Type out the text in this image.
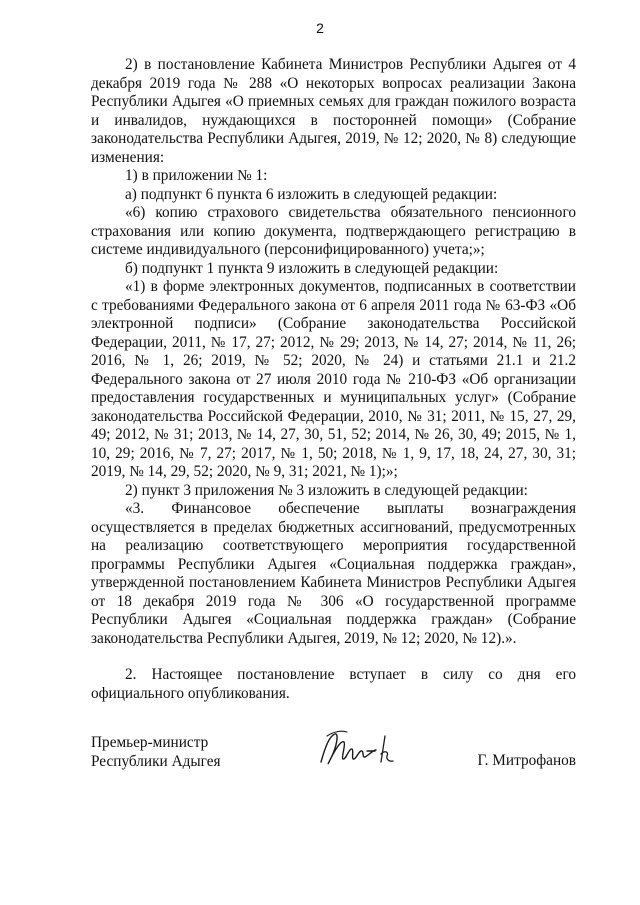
2

2) в постановление Кабинета Министров Республики Адыгея от 4 декабря 2019 года № 288 «О некоторых вопросах реализации Закона Республики Адыгея «О приемных семьях для граждан пожилого возраста и инвалидов, нуждающихся в посторонней помощи» (Собрание законодательства Республики Адыгея, 2019, № 12; 2020, № 8) следующие изменения:

1) в приложении № 1:

а) подпункт 6 пункта 6 изложить в следующей редакции:

«6) копию страхового свидетельства обязательного пенсионного страхования или копию документа, подтверждающего регистрацию в системе индивидуального (персонифицированного) учета;»;

б) подпункт 1 пункта 9 изложить в следующей редакции:

«1) в форме электронных документов, подписанных в соответствии с требованиями Федерального закона от 6 апреля 2011 года № 63-ФЗ «Об электронной подписи» (Собрание законодательства Российской Федерации, 2011, № 17, 27; 2012, № 29; 2013, № 14, 27; 2014, № 11, 26; 2016, № 1, 26; 2019, № 52; 2020, № 24) и статьями 21.1 и 21.2 Федерального закона от 27 июля 2010 года № 210-ФЗ «Об организации предоставления государственных и муниципальных услуг» (Собрание законодательства Российской Федерации, 2010, № 31; 2011, № 15, 27, 29, 49; 2012, № 31; 2013, № 14, 27, 30, 51, 52; 2014, № 26, 30, 49; 2015, № 1, 10, 29; 2016, № 7, 27; 2017, № 1, 50; 2018, № 1, 9, 17, 18, 24, 27, 30, 31; 2019, № 14, 29, 52; 2020, № 9, 31; 2021, № 1);»;

2) пункт 3 приложения № 3 изложить в следующей редакции:

«3. Финансовое обеспечение выплаты вознаграждения осуществляется в пределах бюджетных ассигнований, предусмотренных на реализацию соответствующего мероприятия государственной программы Республики Адыгея «Социальная поддержка граждан», утвержденной постановлением Кабинета Министров Республики Адыгея от 18 декабря 2019 года № 306 «О государственной программе Республики Адыгея «Социальная поддержка граждан» (Собрание законодательства Республики Адыгея, 2019, № 12; 2020, № 12).».

2. Настоящее постановление вступает в силу со дня его официального опубликования.

Премьер-министр
Республики Адыгея	Г. Митрофанов
